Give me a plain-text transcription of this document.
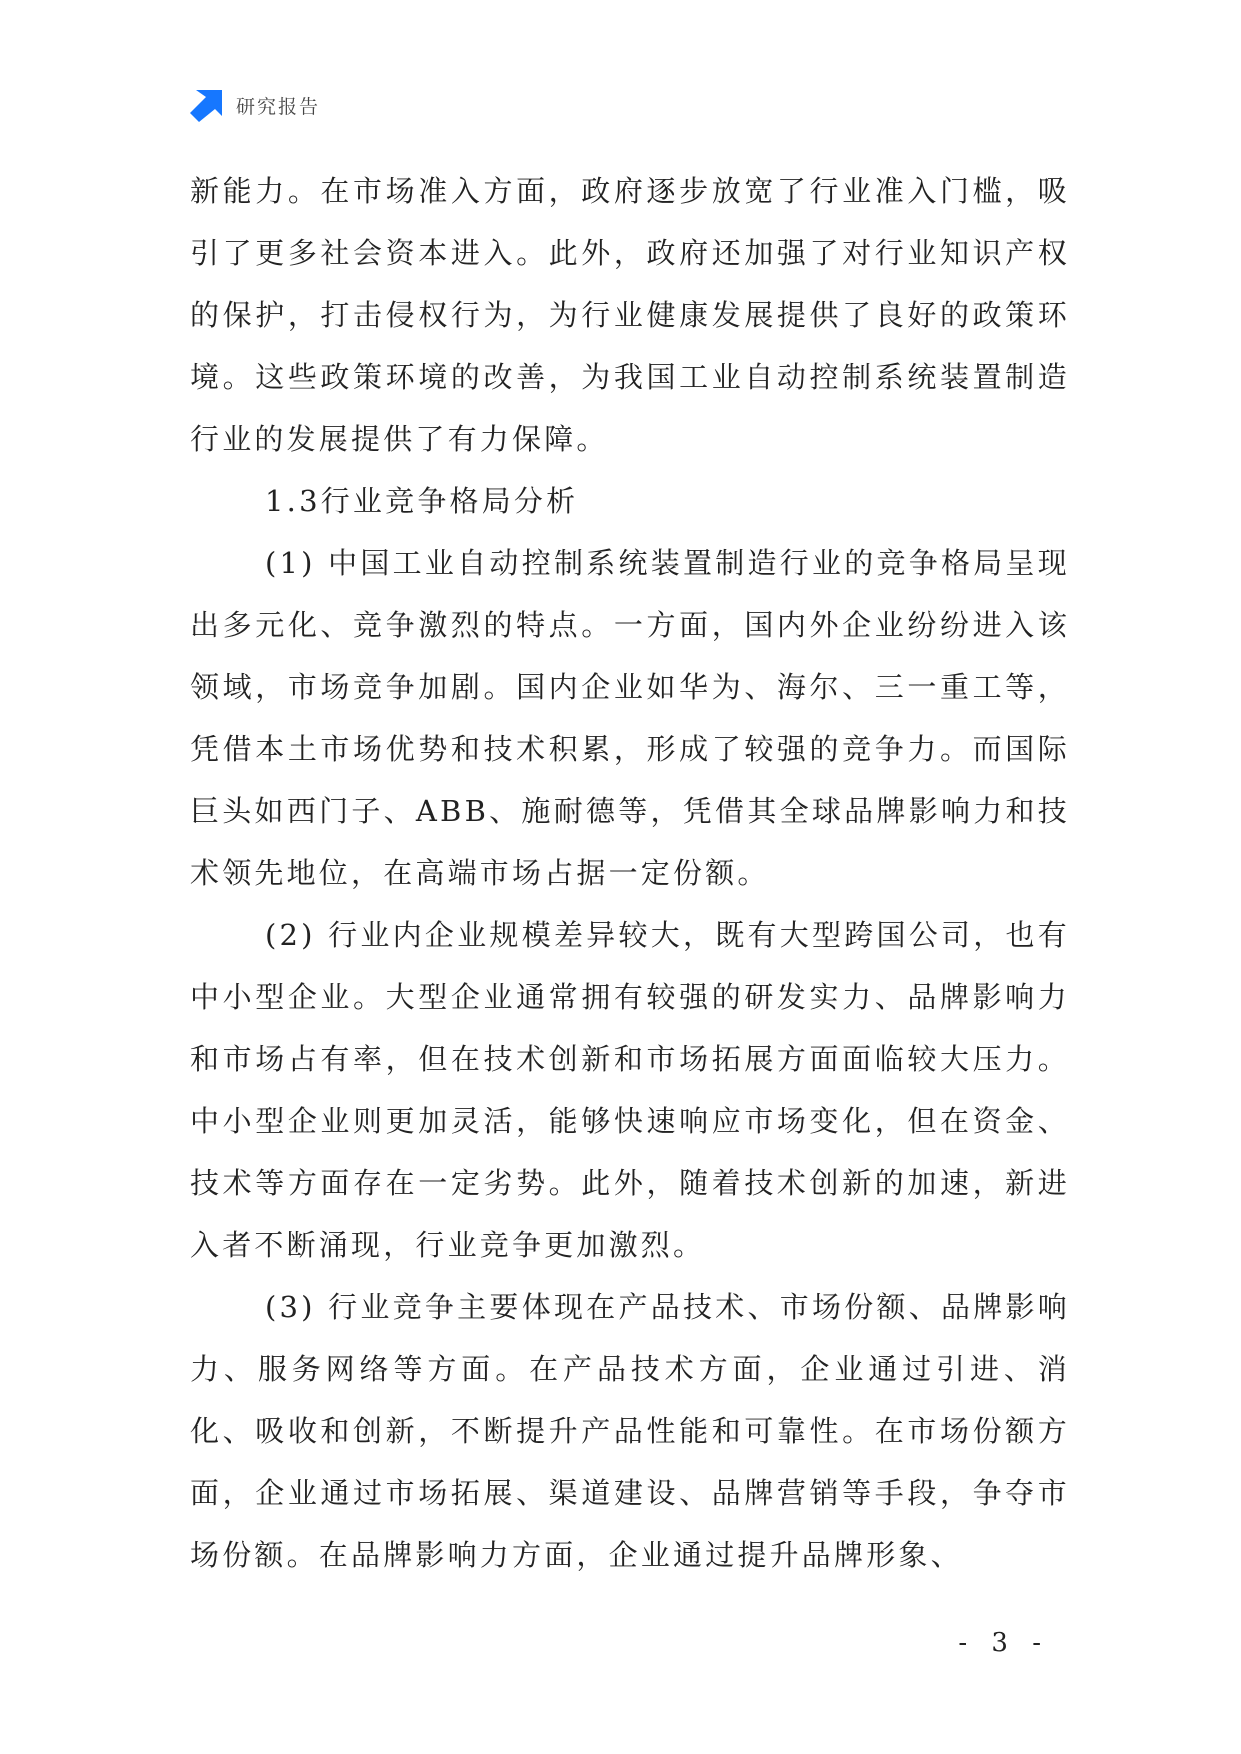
研究报告

新能力。在市场准入方面，政府逐步放宽了行业准入门槛，吸引了更多社会资本进入。此外，政府还加强了对行业知识产权的保护，打击侵权行为，为行业健康发展提供了良好的政策环境。这些政策环境的改善，为我国工业自动控制系统装置制造行业的发展提供了有力保障。

1.3行业竞争格局分析

(1) 中国工业自动控制系统装置制造行业的竞争格局呈现出多元化、竞争激烈的特点。一方面，国内外企业纷纷进入该领域，市场竞争加剧。国内企业如华为、海尔、三一重工等，凭借本土市场优势和技术积累，形成了较强的竞争力。而国际巨头如西门子、ABB、施耐德等，凭借其全球品牌影响力和技术领先地位，在高端市场占据一定份额。

(2) 行业内企业规模差异较大，既有大型跨国公司，也有中小型企业。大型企业通常拥有较强的研发实力、品牌影响力和市场占有率，但在技术创新和市场拓展方面面临较大压力。中小型企业则更加灵活，能够快速响应市场变化，但在资金、技术等方面存在一定劣势。此外，随着技术创新的加速，新进入者不断涌现，行业竞争更加激烈。

(3) 行业竞争主要体现在产品技术、市场份额、品牌影响力、服务网络等方面。在产品技术方面，企业通过引进、消化、吸收和创新，不断提升产品性能和可靠性。在市场份额方面，企业通过市场拓展、渠道建设、品牌营销等手段，争夺市场份额。在品牌影响力方面，企业通过提升品牌形象、

- 3 -
